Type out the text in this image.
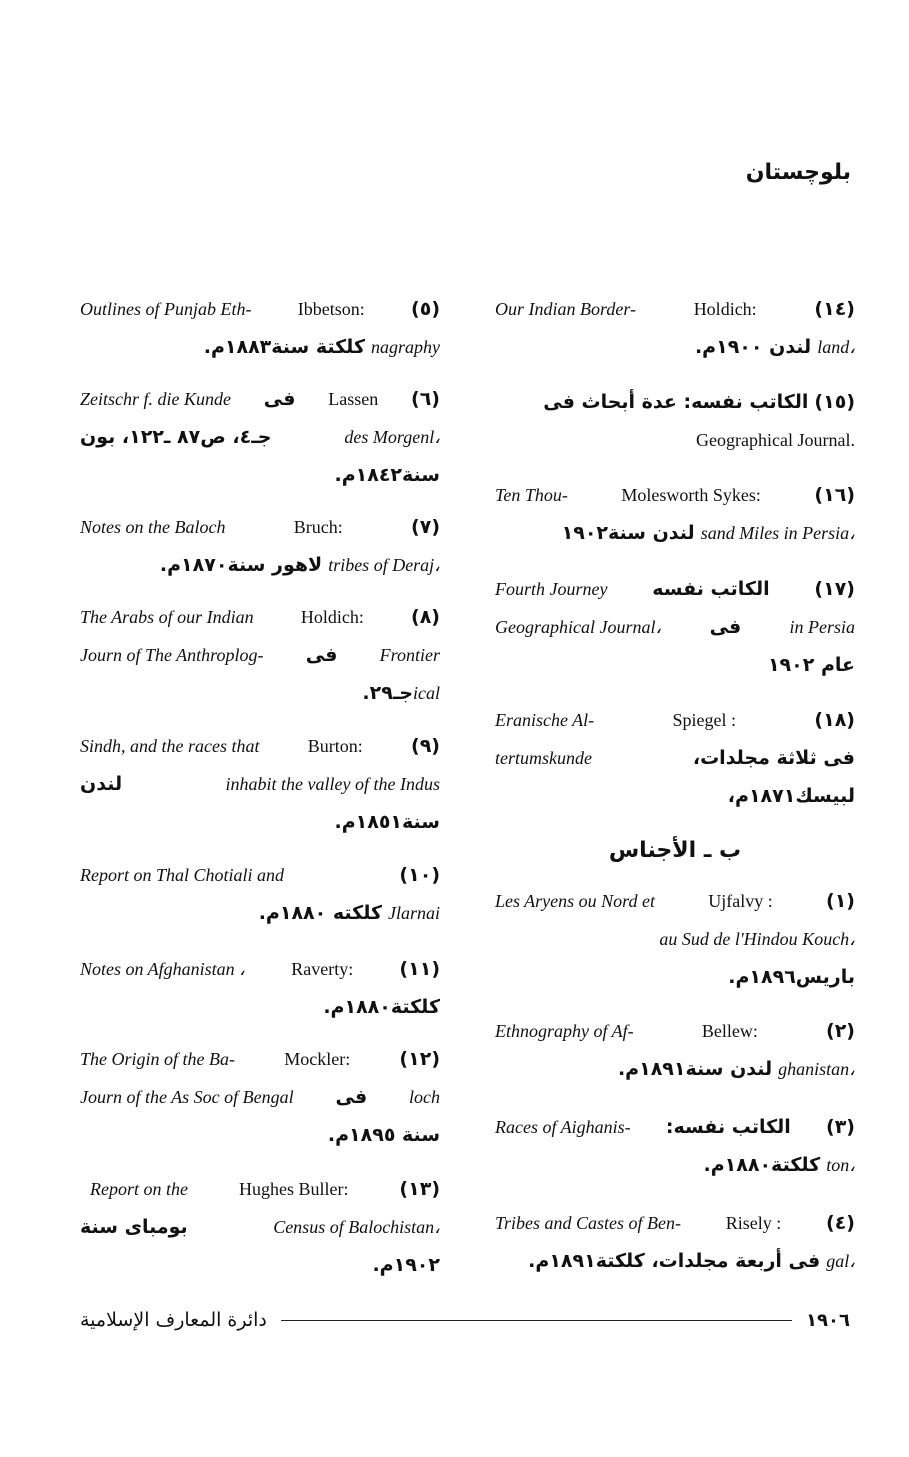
بلوچستان
Our Indian Border-	Holdich:	(١٤)
لندن ١٩٠٠م. land،
الكاتب نفسه: عدة أبحاث فى (١٥)
Geographical Journal.
Ten Thou-	Molesworth Sykes:	(١٦)
لندن سنة١٩٠٢ sand Miles in Persia،
Fourth Journey الكاتب نفسه (١٧)
Geographical Journal،	فى	in Persia
عام ١٩٠٢
Eranische Al-	Spiegel :	(١٨)
tertumskunde	فى ثلاثة مجلدات،
لبيسك١٨٧١م،
ب ـ الأجناس
Les Aryens ou Nord et	Ujfalvy :	(١)
au Sud de l'Hindou Kouch،
باريس١٨٩٦م.
Ethnography of Af-	Bellew:	(٢)
لندن سنة١٨٩١م. ghanistan،
Races of Aighanis- الكاتب نفسه: (٣)
كلكتة١٨٨٠م. ton،
Tribes and Castes of Ben- Risely : (٤)
فى أربعة مجلدات، كلكتة١٨٩١م. gal،
Outlines of Punjab Eth-	Ibbetson: (٥)
كلكتة سنة١٨٨٣م. nagraphy
Zeitschr f. die Kunde فى Lassen (٦)
جـ٤، ص٨٧ ـ١٢٢، بون	des Morgenl،
سنة١٨٤٢م.
Notes on the Baloch	Bruch:	(٧)
لاهور سنة١٨٧٠م. tribes of Deraj،
The Arabs of our Indian	Holdich: (٨)
Journ of The Anthroplog- فى Frontier
جـ٢٩. ical
Sindh, and the races that	Burton:	(٩)
لندن	inhabit the valley of the Indus
سنة١٨٥١م.
Report on Thal Chotiali and	(١٠)
كلكته ١٨٨٠م. Jlarnai
Notes on Afghanistan ،	Raverty: (١١)
كلكتة١٨٨٠م.
The Origin of the Ba-	Mockler:	(١٢)
Journ of the As Soc of Bengal فى loch
سنة ١٨٩٥م.
Report on the	Hughes Buller:	(١٣)
بومباى سنة	Census of Balochistan،
١٩٠٢م.
دائرة المعارف الإسلامية	١٩٠٦
